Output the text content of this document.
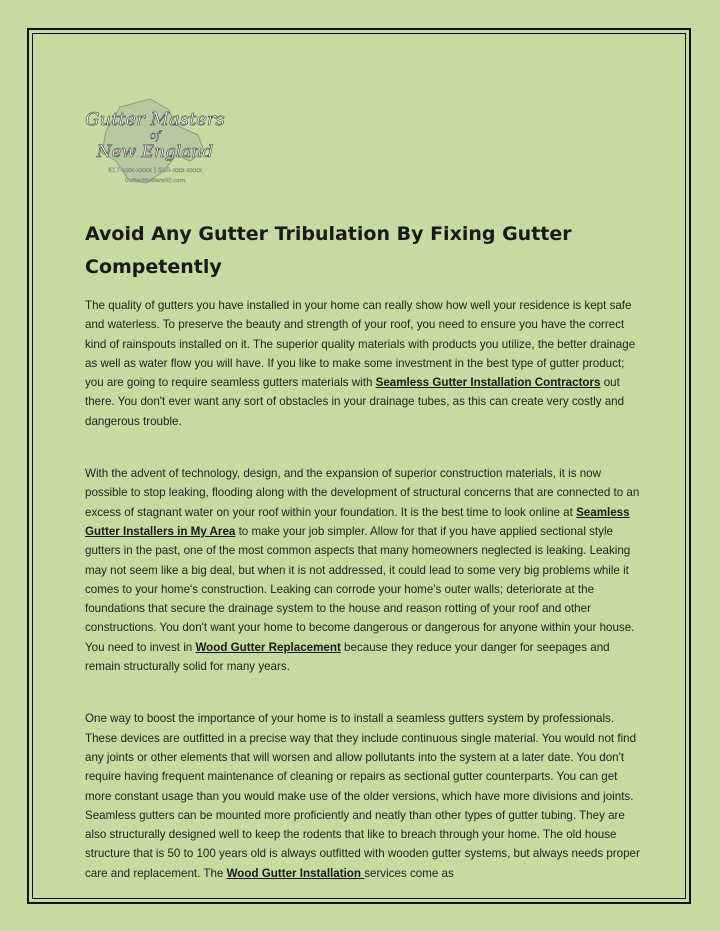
Gutter Masters
of
New England
617-xxx-xxxx | 508-xxx-xxxx
GutterMastersNE.com
Avoid Any Gutter Tribulation By Fixing Gutter Competently

The quality of gutters you have installed in your home can really show how well your residence is kept safe and waterless. To preserve the beauty and strength of your roof, you need to ensure you have the correct kind of rainspouts installed on it. The superior quality materials with products you utilize, the better drainage as well as water flow you will have. If you like to make some investment in the best type of gutter product; you are going to require seamless gutters materials with Seamless Gutter Installation Contractors out there. You don't ever want any sort of obstacles in your drainage tubes, as this can create very costly and dangerous trouble.

With the advent of technology, design, and the expansion of superior construction materials, it is now possible to stop leaking, flooding along with the development of structural concerns that are connected to an excess of stagnant water on your roof within your foundation. It is the best time to look online at Seamless Gutter Installers in My Area to make your job simpler. Allow for that if you have applied sectional style gutters in the past, one of the most common aspects that many homeowners neglected is leaking. Leaking may not seem like a big deal, but when it is not addressed, it could lead to some very big problems while it comes to your home's construction. Leaking can corrode your home's outer walls; deteriorate at the foundations that secure the drainage system to the house and reason rotting of your roof and other constructions. You don't want your home to become dangerous or dangerous for anyone within your house. You need to invest in Wood Gutter Replacement because they reduce your danger for seepages and remain structurally solid for many years.

One way to boost the importance of your home is to install a seamless gutters system by professionals. These devices are outfitted in a precise way that they include continuous single material. You would not find any joints or other elements that will worsen and allow pollutants into the system at a later date. You don't require having frequent maintenance of cleaning or repairs as sectional gutter counterparts. You can get more constant usage than you would make use of the older versions, which have more divisions and joints. Seamless gutters can be mounted more proficiently and neatly than other types of gutter tubing. They are also structurally designed well to keep the rodents that like to breach through your home. The old house structure that is 50 to 100 years old is always outfitted with wooden gutter systems, but always needs proper care and replacement. The Wood Gutter Installation services come as
